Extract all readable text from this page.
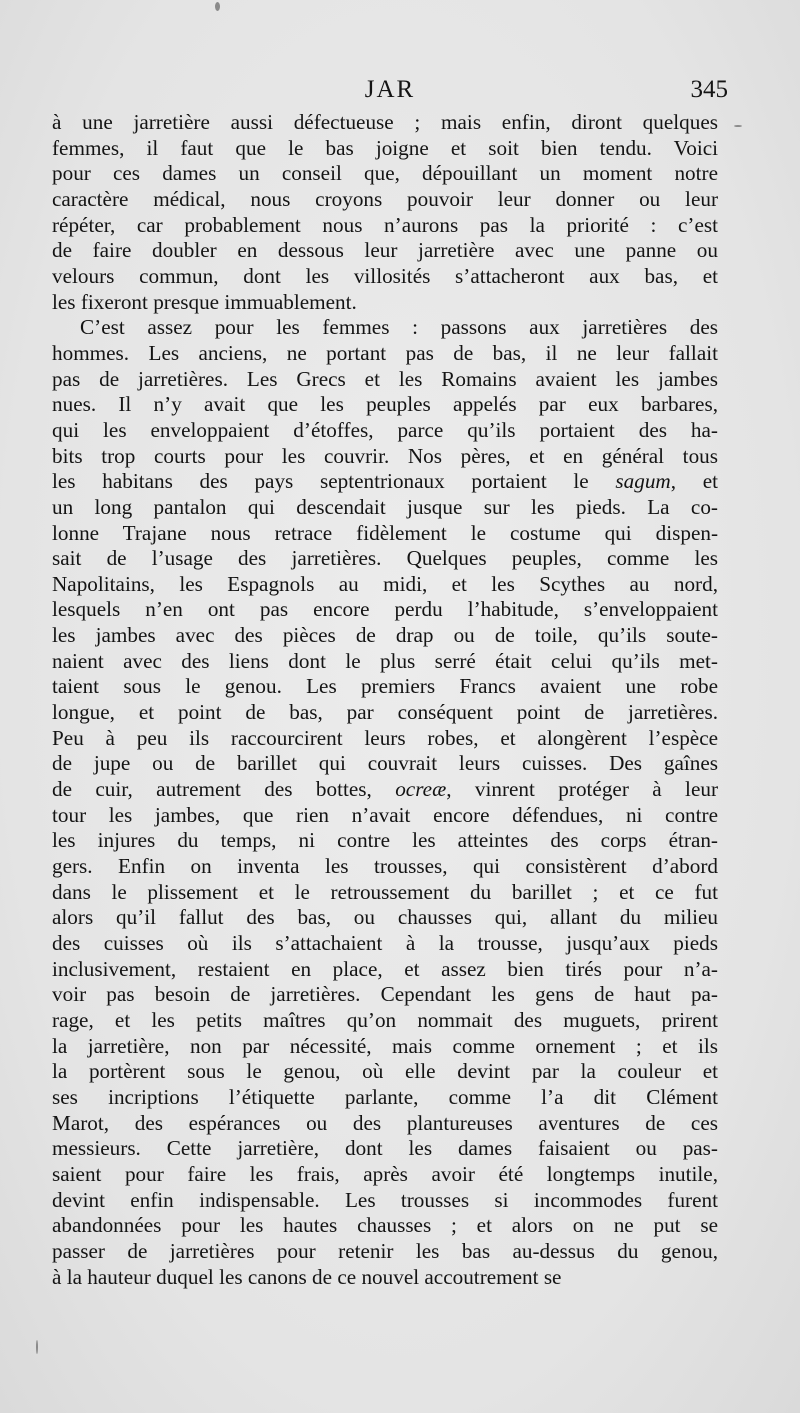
JAR	345

à une jarretière aussi défectueuse ; mais enfin, diront quelques
femmes, il faut que le bas joigne et soit bien tendu. Voici
pour ces dames un conseil que, dépouillant un moment notre
caractère médical, nous croyons pouvoir leur donner ou leur
répéter, car probablement nous n’aurons pas la priorité : c’est
de faire doubler en dessous leur jarretière avec une panne ou
velours commun, dont les villosités s’attacheront aux bas, et
les fixeront presque immuablement.

C’est assez pour les femmes : passons aux jarretières des
hommes. Les anciens, ne portant pas de bas, il ne leur fallait
pas de jarretières. Les Grecs et les Romains avaient les jambes
nues. Il n’y avait que les peuples appelés par eux barbares,
qui les enveloppaient d’étoffes, parce qu’ils portaient des ha-
bits trop courts pour les couvrir. Nos pères, et en général tous
les habitans des pays septentrionaux portaient le sagum, et
un long pantalon qui descendait jusque sur les pieds. La co-
lonne Trajane nous retrace fidèlement le costume qui dispen-
sait de l’usage des jarretières. Quelques peuples, comme les
Napolitains, les Espagnols au midi, et les Scythes au nord,
lesquels n’en ont pas encore perdu l’habitude, s’enveloppaient
les jambes avec des pièces de drap ou de toile, qu’ils soute-
naient avec des liens dont le plus serré était celui qu’ils met-
taient sous le genou. Les premiers Francs avaient une robe
longue, et point de bas, par conséquent point de jarretières.
Peu à peu ils raccourcirent leurs robes, et alongèrent l’espèce
de jupe ou de barillet qui couvrait leurs cuisses. Des gaînes
de cuir, autrement des bottes, ocreæ, vinrent protéger à leur
tour les jambes, que rien n’avait encore défendues, ni contre
les injures du temps, ni contre les atteintes des corps étran-
gers. Enfin on inventa les trousses, qui consistèrent d’abord
dans le plissement et le retroussement du barillet ; et ce fut
alors qu’il fallut des bas, ou chausses qui, allant du milieu
des cuisses où ils s’attachaient à la trousse, jusqu’aux pieds
inclusivement, restaient en place, et assez bien tirés pour n’a-
voir pas besoin de jarretières. Cependant les gens de haut pa-
rage, et les petits maîtres qu’on nommait des muguets, prirent
la jarretière, non par nécessité, mais comme ornement ; et ils
la portèrent sous le genou, où elle devint par la couleur et
ses incriptions l’étiquette parlante, comme l’a dit Clément
Marot, des espérances ou des plantureuses aventures de ces
messieurs. Cette jarretière, dont les dames faisaient ou pas-
saient pour faire les frais, après avoir été longtemps inutile,
devint enfin indispensable. Les trousses si incommodes furent
abandonnées pour les hautes chausses ; et alors on ne put se
passer de jarretières pour retenir les bas au-dessus du genou,
à la hauteur duquel les canons de ce nouvel accoutrement se
